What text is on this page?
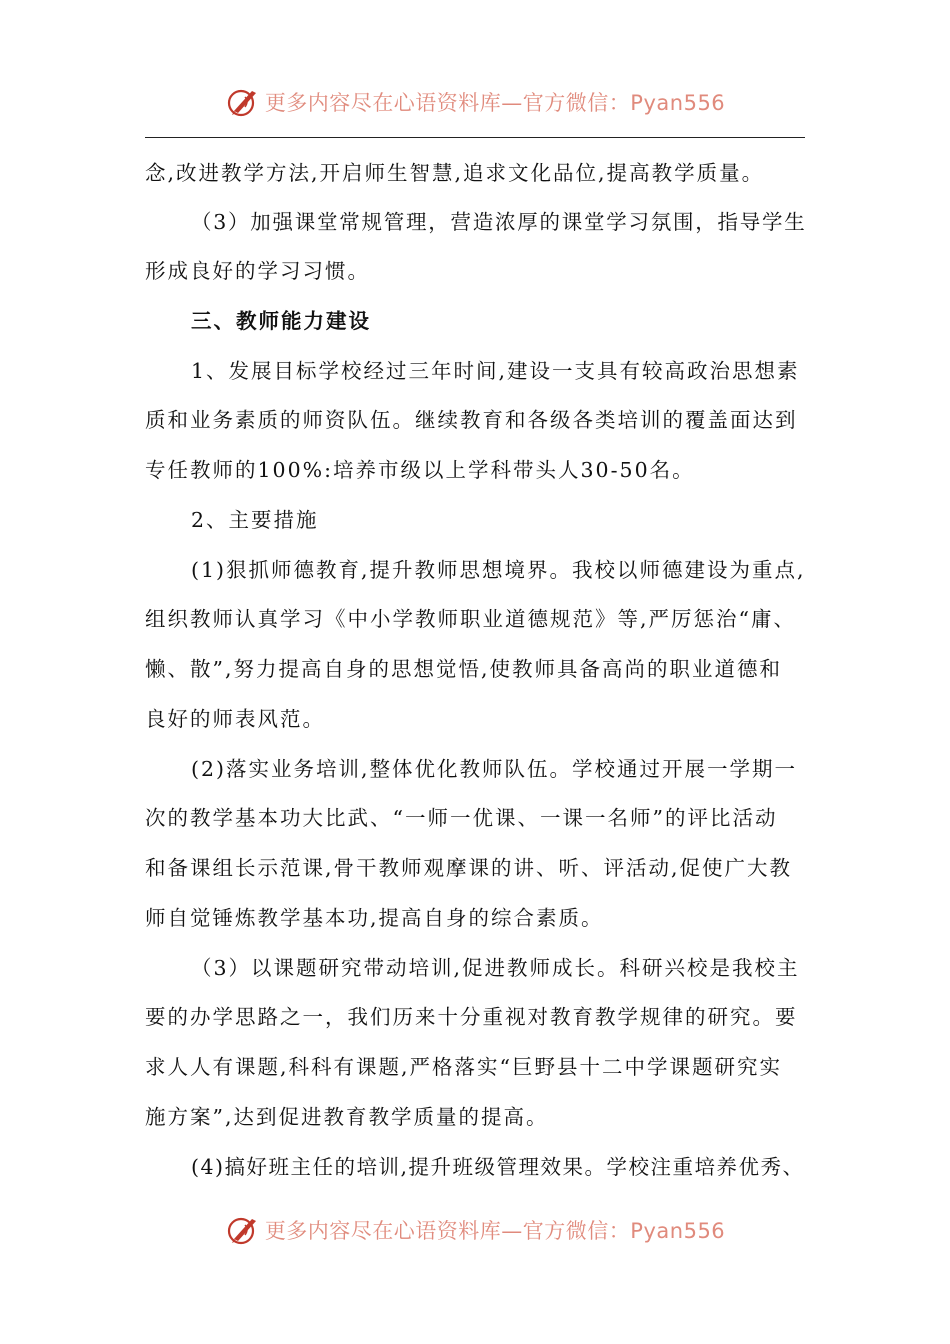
更多内容尽在心语资料库—官方微信：Pyan556
念,改进教学方法,开启师生智慧,追求文化品位,提高教学质量。
（3）加强课堂常规管理，营造浓厚的课堂学习氛围，指导学生
形成良好的学习习惯。
三、教师能力建设
1、发展目标学校经过三年时间,建设一支具有较高政治思想素
质和业务素质的师资队伍。继续教育和各级各类培训的覆盖面达到
专任教师的100%:培养市级以上学科带头人30-50名。
2、主要措施
(1)狠抓师德教育,提升教师思想境界。我校以师德建设为重点,
组织教师认真学习《中小学教师职业道德规范》等,严厉惩治“庸、
懒、散”,努力提高自身的思想觉悟,使教师具备高尚的职业道德和
良好的师表风范。
(2)落实业务培训,整体优化教师队伍。学校通过开展一学期一
次的教学基本功大比武、“一师一优课、一课一名师”的评比活动
和备课组长示范课,骨干教师观摩课的讲、听、评活动,促使广大教
师自觉锤炼教学基本功,提高自身的综合素质。
（3）以课题研究带动培训,促进教师成长。科研兴校是我校主
要的办学思路之一，我们历来十分重视对教育教学规律的研究。要
求人人有课题,科科有课题,严格落实“巨野县十二中学课题研究实
施方案”,达到促进教育教学质量的提高。
(4)搞好班主任的培训,提升班级管理效果。学校注重培养优秀、
更多内容尽在心语资料库—官方微信：Pyan556
